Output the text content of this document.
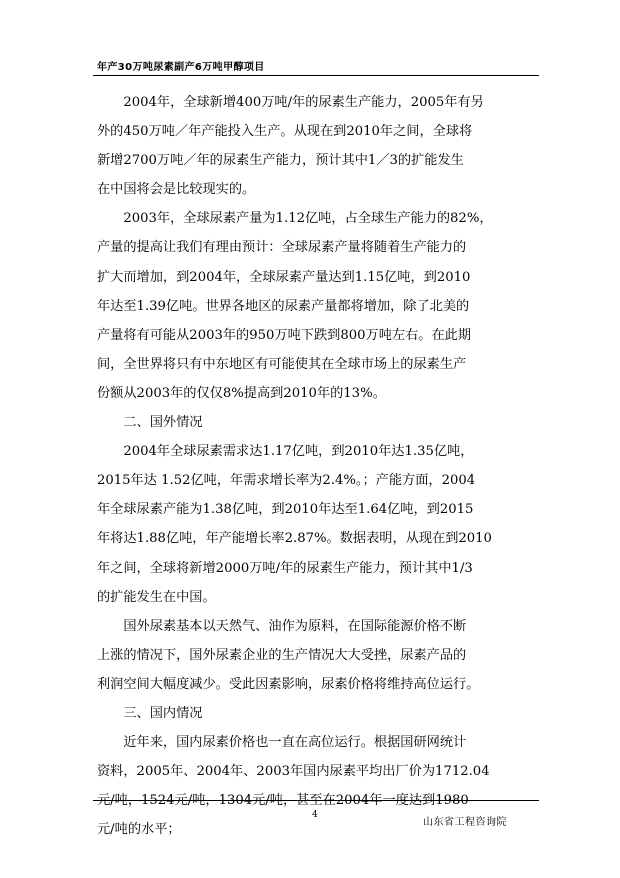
年产30万吨尿素副产6万吨甲醇项目
　　2004年，全球新增400万吨/年的尿素生产能力，2005年有另
外的450万吨／年产能投入生产。从现在到2010年之间，全球将
新增2700万吨／年的尿素生产能力，预计其中1／3的扩能发生
在中国将会是比较现实的。
　　2003年，全球尿素产量为1.12亿吨，占全球生产能力的82%，
产量的提高让我们有理由预计：全球尿素产量将随着生产能力的
扩大而增加，到2004年，全球尿素产量达到1.15亿吨，到2010
年达至1.39亿吨。世界各地区的尿素产量都将增加，除了北美的
产量将有可能从2003年的950万吨下跌到800万吨左右。在此期
间，全世界将只有中东地区有可能使其在全球市场上的尿素生产
份额从2003年的仅仅8%提高到2010年的13%。
　　二、国外情况
　　2004年全球尿素需求达1.17亿吨，到2010年达1.35亿吨，
2015年达 1.52亿吨，年需求增长率为2.4%。；产能方面，2004
年全球尿素产能为1.38亿吨，到2010年达至1.64亿吨，到2015
年将达1.88亿吨，年产能增长率2.87%。数据表明，从现在到2010
年之间，全球将新增2000万吨/年的尿素生产能力，预计其中1/3
的扩能发生在中国。
　　国外尿素基本以天然气、油作为原料，在国际能源价格不断
上涨的情况下，国外尿素企业的生产情况大大受挫，尿素产品的
利润空间大幅度减少。受此因素影响，尿素价格将维持高位运行。
　　三、国内情况
　　近年来，国内尿素价格也一直在高位运行。根据国研网统计
资料，2005年、2004年、2003年国内尿素平均出厂价为1712.04
元/吨，1524元/吨，1304元/吨，甚至在2004年一度达到1980
元/吨的水平；
4
山东省工程咨询院
